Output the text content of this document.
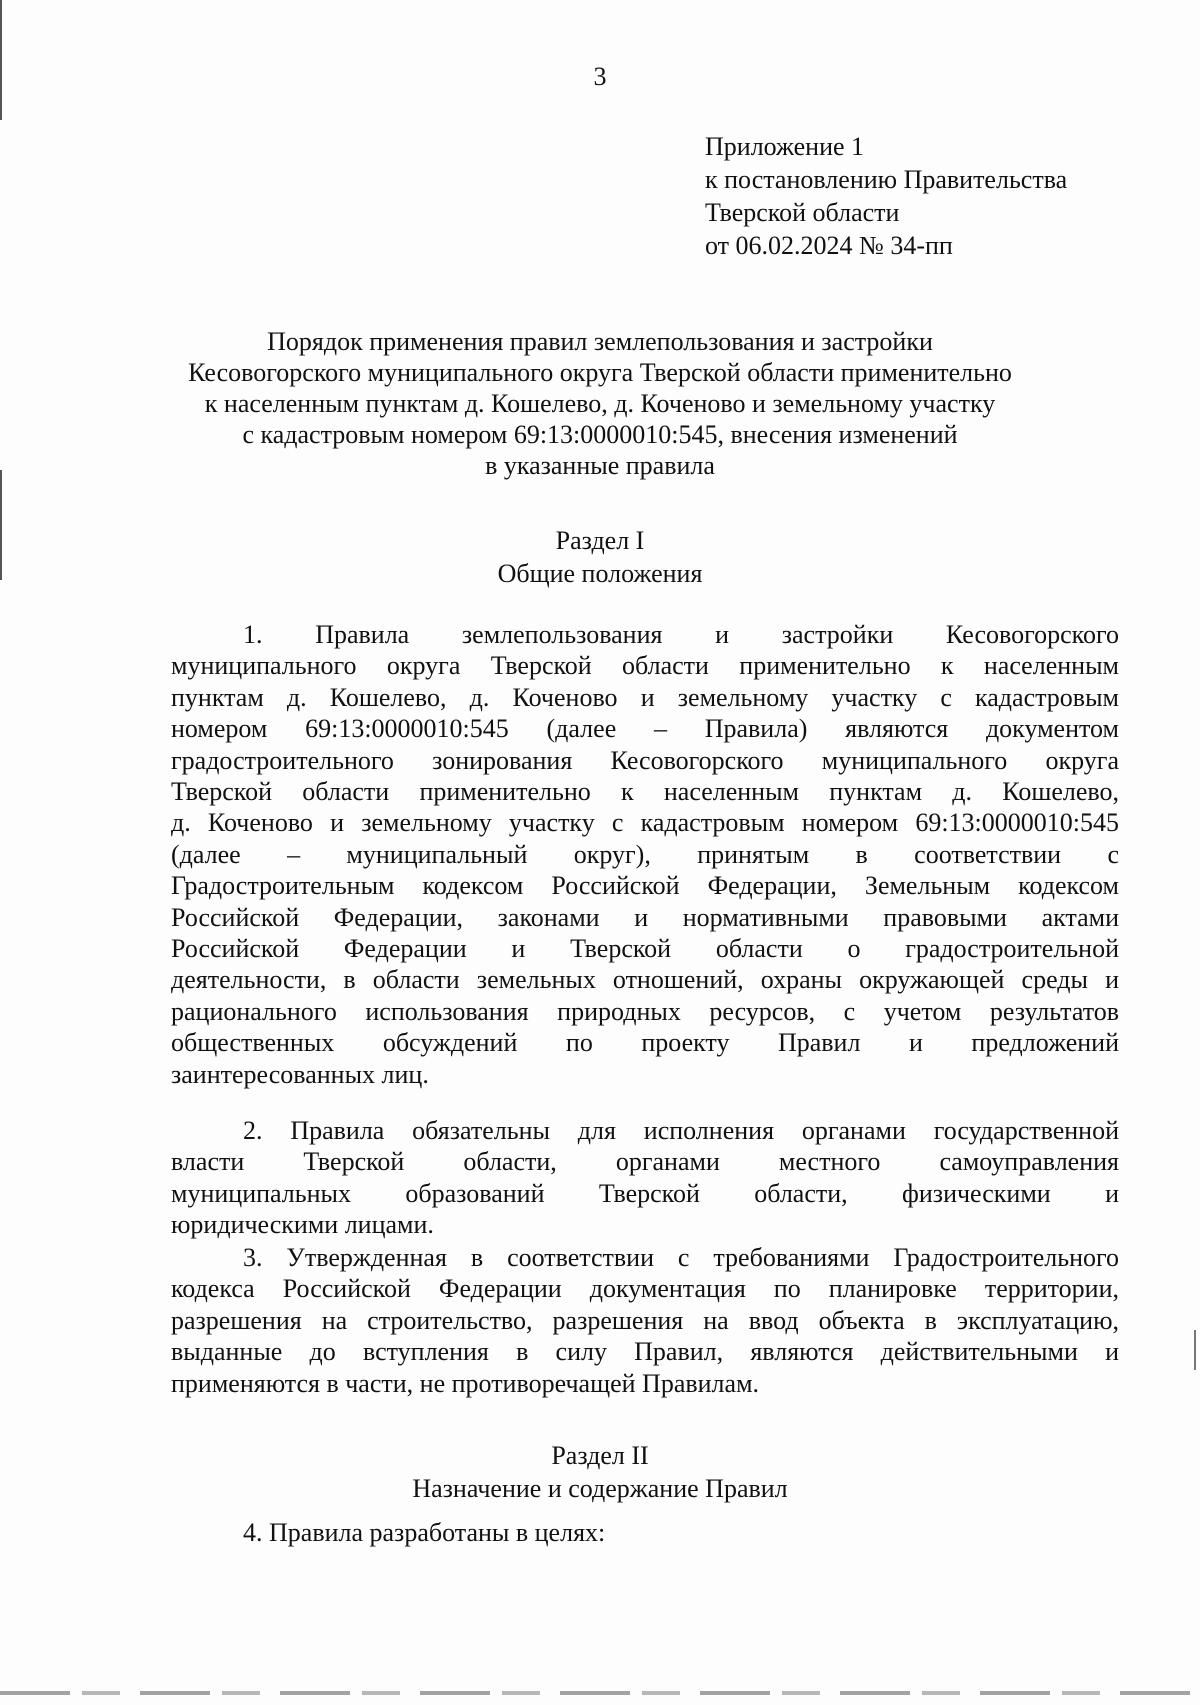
3
Приложение 1
к постановлению Правительства
Тверской области
от 06.02.2024 № 34-пп
Порядок применения правил землепользования и застройки
Кесовогорского муниципального округа Тверской области применительно
к населенным пунктам д. Кошелево, д. Коченово и земельному участку
с кадастровым номером 69:13:0000010:545, внесения изменений
в указанные правила
Раздел I
Общие положения
1. Правила землепользования и застройки Кесовогорского
муниципального округа Тверской области применительно к населенным
пунктам д. Кошелево, д. Коченово и земельному участку с кадастровым
номером 69:13:0000010:545 (далее – Правила) являются документом
градостроительного зонирования Кесовогорского муниципального округа
Тверской области применительно к населенным пунктам д. Кошелево,
д. Коченово и земельному участку с кадастровым номером 69:13:0000010:545
(далее – муниципальный округ), принятым в соответствии с
Градостроительным кодексом Российской Федерации, Земельным кодексом
Российской Федерации, законами и нормативными правовыми актами
Российской Федерации и Тверской области о градостроительной
деятельности, в области земельных отношений, охраны окружающей среды и
рационального использования природных ресурсов, с учетом результатов
общественных обсуждений по проекту Правил и предложений
заинтересованных лиц.
2. Правила обязательны для исполнения органами государственной
власти Тверской области, органами местного самоуправления
муниципальных образований Тверской области, физическими и
юридическими лицами.
3. Утвержденная в соответствии с требованиями Градостроительного
кодекса Российской Федерации документация по планировке территории,
разрешения на строительство, разрешения на ввод объекта в эксплуатацию,
выданные до вступления в силу Правил, являются действительными и
применяются в части, не противоречащей Правилам.
Раздел II
Назначение и содержание Правил
4. Правила разработаны в целях:
